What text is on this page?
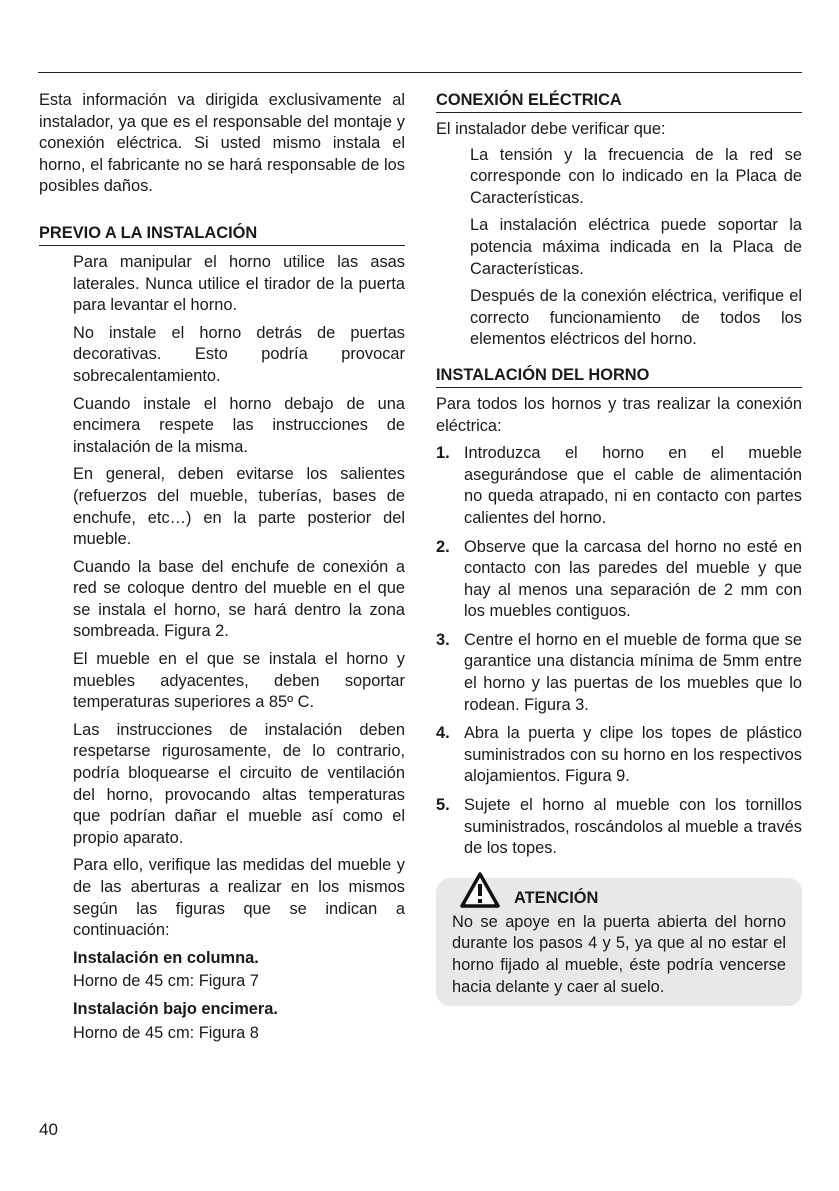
Esta información va dirigida exclusivamente al instalador, ya que es el responsable del montaje y conexión eléctrica. Si usted mismo instala el horno, el fabricante no se hará responsable de los posibles daños.

PREVIO A LA INSTALACIÓN

Para manipular el horno utilice las asas laterales. Nunca utilice el tirador de la puerta para levantar el horno.

No instale el horno detrás de puertas decorativas. Esto podría provocar sobrecalentamiento.

Cuando instale el horno debajo de una encimera respete las instrucciones de instalación de la misma.

En general, deben evitarse los salientes (refuerzos del mueble, tuberías, bases de enchufe, etc…) en la parte posterior del mueble.

Cuando la base del enchufe de conexión a red se coloque dentro del mueble en el que se instala el horno, se hará dentro la zona sombreada. Figura 2.

El mueble en el que se instala el horno y muebles adyacentes, deben soportar temperaturas superiores a 85º C.

Las instrucciones de instalación deben respetarse rigurosamente, de lo contrario, podría bloquearse el circuito de ventilación del horno, provocando altas temperaturas que podrían dañar el mueble así como el propio aparato.

Para ello, verifique las medidas del mueble y de las aberturas a realizar en los mismos según las figuras que se indican a continuación:

Instalación en columna.

Horno de 45 cm: Figura 7

Instalación bajo encimera.

Horno de 45 cm: Figura 8

CONEXIÓN ELÉCTRICA

El instalador debe verificar que:

La tensión y la frecuencia de la red se corresponde con lo indicado en la Placa de Características.

La instalación eléctrica puede soportar la potencia máxima indicada en la Placa de Características.

Después de la conexión eléctrica, verifique el correcto funcionamiento de todos los elementos eléctricos del horno.

INSTALACIÓN DEL HORNO

Para todos los hornos y tras realizar la conexión eléctrica:

1. Introduzca el horno en el mueble asegurándose que el cable de alimentación no queda atrapado, ni en contacto con partes calientes del horno.
2. Observe que la carcasa del horno no esté en contacto con las paredes del mueble y que hay al menos una separación de 2 mm con los muebles contiguos.
3. Centre el horno en el mueble de forma que se garantice una distancia mínima de 5mm entre el horno y las puertas de los muebles que lo rodean. Figura 3.
4. Abra la puerta y clipe los topes de plástico suministrados con su horno en los respectivos alojamientos. Figura 9.
5. Sujete el horno al mueble con los tornillos suministrados, roscándolos al mueble a través de los topes.
ATENCIÓN

No se apoye en la puerta abierta del horno durante los pasos 4 y 5, ya que al no estar el horno fijado al mueble, éste podría vencerse hacia delante y caer al suelo.

40
